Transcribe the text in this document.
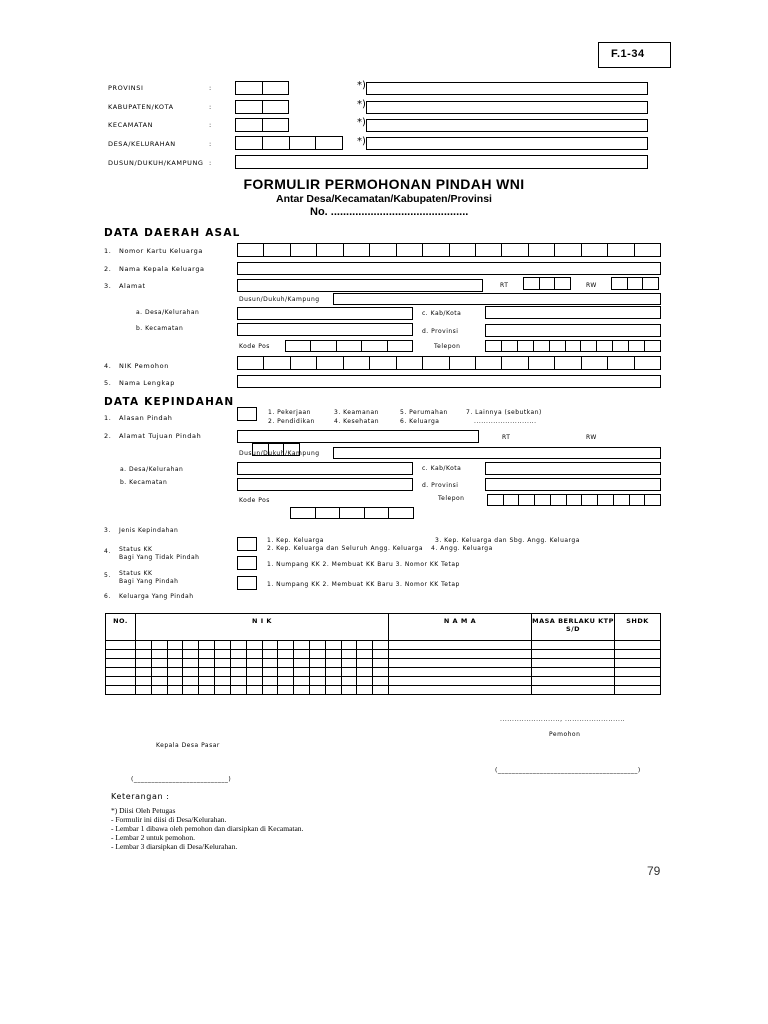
F.1-34
PROVINSI	:	*)
KABUPATEN/KOTA	:	*)
KECAMATAN	:	*)
DESA/KELURAHAN	:	*)
DUSUN/DUKUH/KAMPUNG :
FORMULIR PERMOHONAN PINDAH WNI
Antar Desa/Kecamatan/Kabupaten/Provinsi
No. .............................................
DATA DAERAH ASAL
1. Nomor Kartu Keluarga
2. Nama Kepala Keluarga
3. Alamat	RT	RW
Dusun/Dukuh/Kampung
a. Desa/Kelurahan	c. Kab/Kota
b. Kecamatan	d. Provinsi
Kode Pos	Telepon
4. NIK Pemohon
5. Nama Lengkap
DATA KEPINDAHAN
1. Alasan Pindah
1. Pekerjaan
2. Pendidikan
3. Keamanan
4. Kesehatan
5. Perumahan
6. Keluarga
7. Lainnya (sebutkan)
..........................
2. Alamat Tujuan Pindah	RT	RW
Dusun/Dukuh/Kampung
a. Desa/Kelurahan	c. Kab/Kota
b. Kecamatan	d. Provinsi
Kode Pos	Telepon
3. Jenis Kepindahan
1. Kep. Keluarga	3. Kep. Keluarga dan Sbg. Angg. Keluarga
2. Kep. Keluarga dan Seluruh Angg. Keluarga 4. Angg. Keluarga
4. Status KK
Bagi Yang Tidak Pindah
1. Numpang KK 2. Membuat KK Baru 3. Nomor KK Tetap
5. Status KK
Bagi Yang Pindah	1. Numpang KK 2. Membuat KK Baru 3. Nomor KK Tetap
6. Keluarga Yang Pindah
NO.	N I K																N A M A	MASA BERLAKU KTP S/D	SHDK

........................., .........................
Pemohon
Kepala Desa Pasar
(________________________________________)
(___________________________)
Keterangan :
*) Diisi Oleh Petugas
- Formulir ini diisi di Desa/Kelurahan.
- Lembar 1 dibawa oleh pemohon dan diarsipkan di Kecamatan.
- Lembar 2 untuk pemohon.
- Lembar 3 diarsipkan di Desa/Kelurahan.
79
